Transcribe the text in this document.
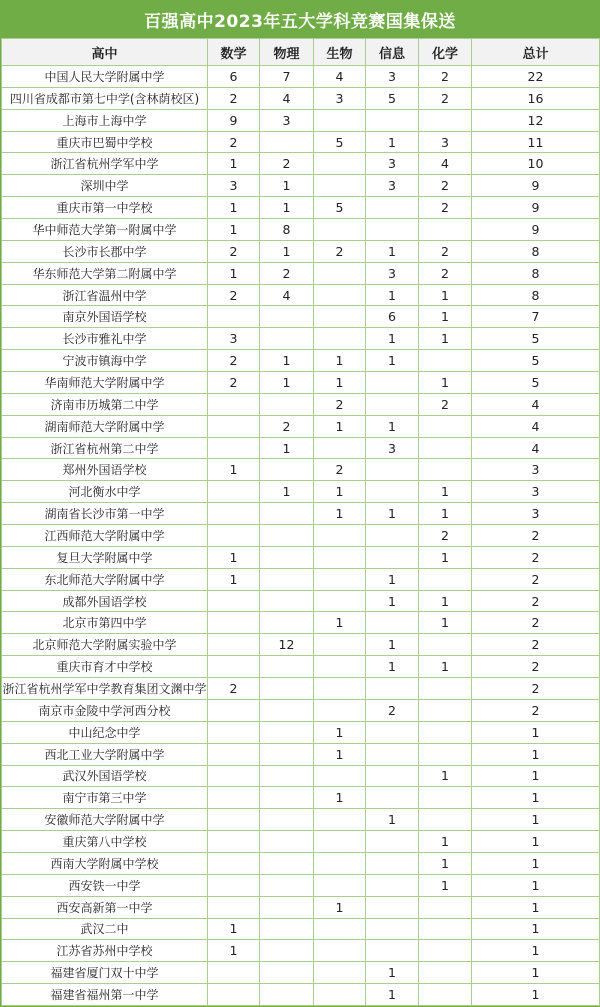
百强高中2023年五大学科竞赛国集保送
高中	数学	物理	生物	信息	化学	总计
中国人民大学附属中学	6	7	4	3	2	22
四川省成都市第七中学(含林荫校区)	2	4	3	5	2	16
上海市上海中学	9	3				12
重庆市巴蜀中学校	2		5	1	3	11
浙江省杭州学军中学	1	2		3	4	10
深圳中学	3	1		3	2	9
重庆市第一中学校	1	1	5		2	9
华中师范大学第一附属中学	1	8				9
长沙市长郡中学	2	1	2	1	2	8
华东师范大学第二附属中学	1	2		3	2	8
浙江省温州中学	2	4		1	1	8
南京外国语学校				6	1	7
长沙市雅礼中学	3			1	1	5
宁波市镇海中学	2	1	1	1		5
华南师范大学附属中学	2	1	1		1	5
济南市历城第二中学			2		2	4
湖南师范大学附属中学		2	1	1		4
浙江省杭州第二中学		1		3		4
郑州外国语学校	1		2			3
河北衡水中学		1	1		1	3
湖南省长沙市第一中学			1	1	1	3
江西师范大学附属中学					2	2
复旦大学附属中学	1				1	2
东北师范大学附属中学	1			1		2
成都外国语学校				1	1	2
北京市第四中学			1		1	2
北京师范大学附属实验中学		12		1		2
重庆市育才中学校				1	1	2
浙江省杭州学军中学教育集团文渊中学	2					2
南京市金陵中学河西分校				2		2
中山纪念中学			1			1
西北工业大学附属中学			1			1
武汉外国语学校					1	1
南宁市第三中学			1			1
安徽师范大学附属中学				1		1
重庆第八中学校					1	1
西南大学附属中学校					1	1
西安铁一中学					1	1
西安高新第一中学			1			1
武汉二中	1					1
江苏省苏州中学校	1					1
福建省厦门双十中学				1		1
福建省福州第一中学				1		1
